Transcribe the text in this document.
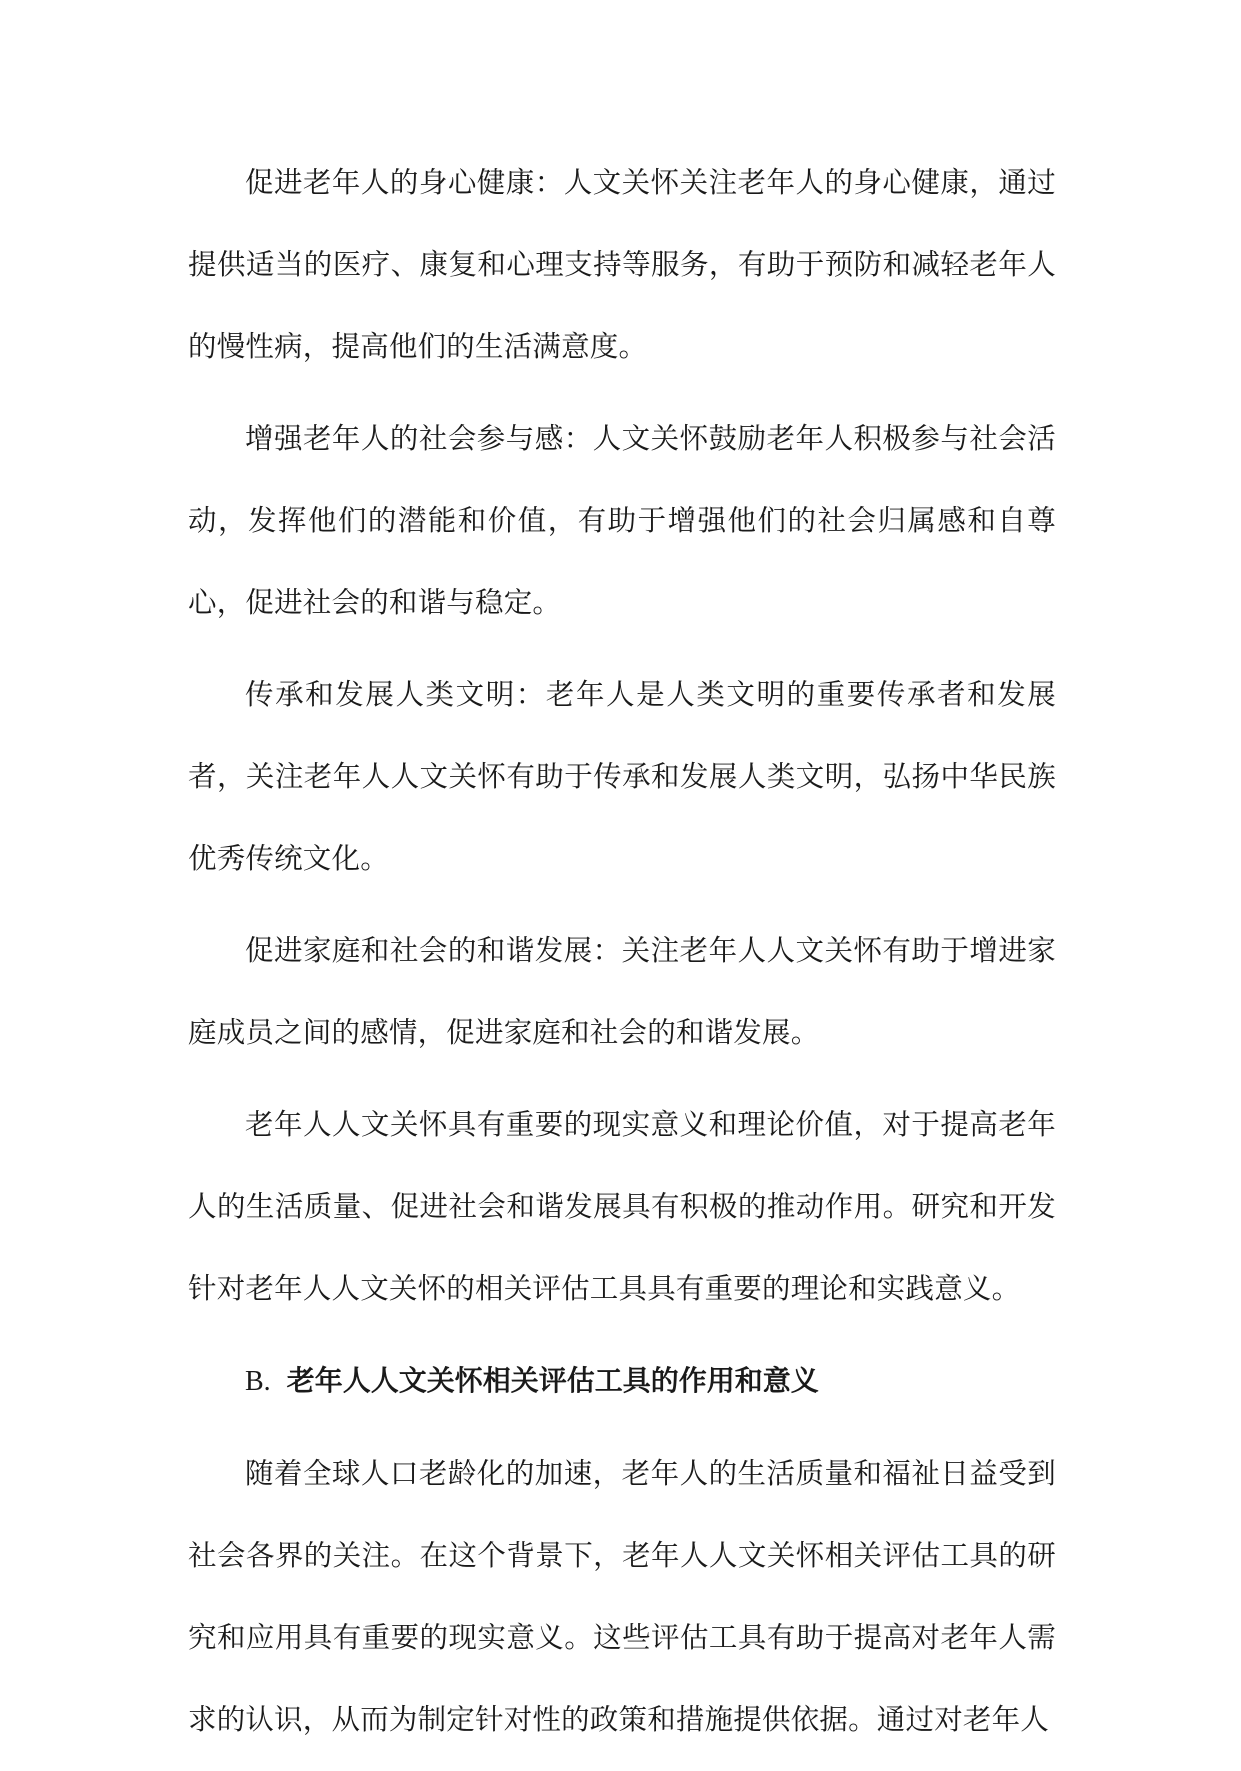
促进老年人的身心健康：人文关怀关注老年人的身心健康，通过提供适当的医疗、康复和心理支持等服务，有助于预防和减轻老年人的慢性病，提高他们的生活满意度。

增强老年人的社会参与感：人文关怀鼓励老年人积极参与社会活动，发挥他们的潜能和价值，有助于增强他们的社会归属感和自尊心，促进社会的和谐与稳定。

传承和发展人类文明：老年人是人类文明的重要传承者和发展者，关注老年人人文关怀有助于传承和发展人类文明，弘扬中华民族优秀传统文化。

促进家庭和社会的和谐发展：关注老年人人文关怀有助于增进家庭成员之间的感情，促进家庭和社会的和谐发展。

老年人人文关怀具有重要的现实意义和理论价值，对于提高老年人的生活质量、促进社会和谐发展具有积极的推动作用。研究和开发针对老年人人文关怀的相关评估工具具有重要的理论和实践意义。

B. 老年人人文关怀相关评估工具的作用和意义

随着全球人口老龄化的加速，老年人的生活质量和福祉日益受到社会各界的关注。在这个背景下，老年人人文关怀相关评估工具的研究和应用具有重要的现实意义。这些评估工具有助于提高对老年人需求的认识，从而为制定针对性的政策和措施提供依据。通过对老年人
